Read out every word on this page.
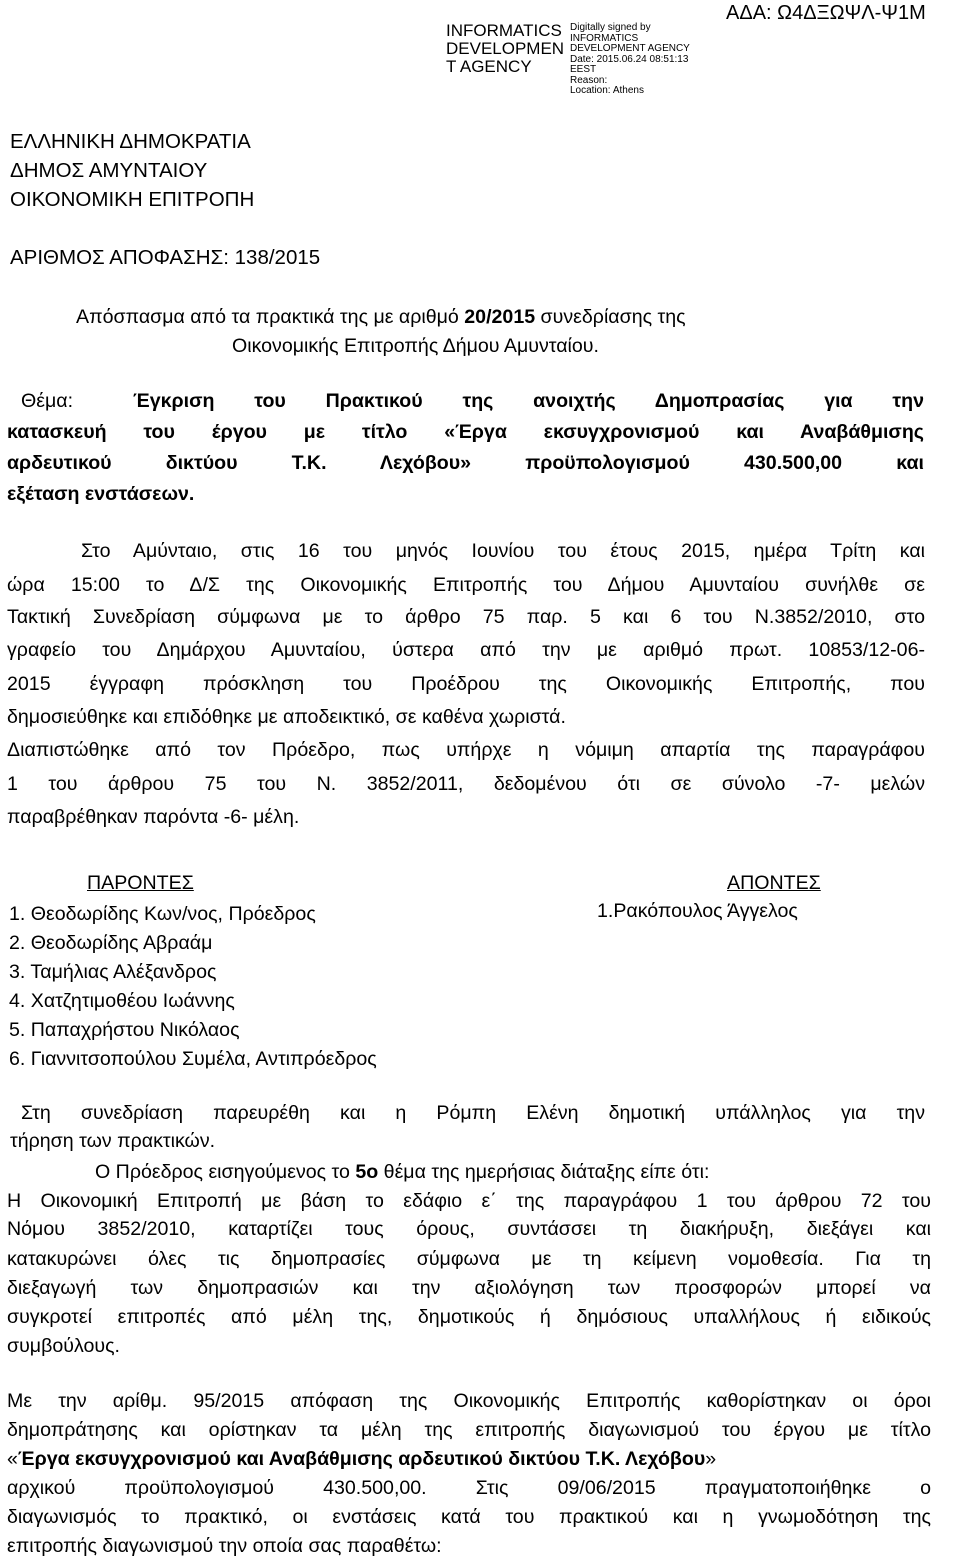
INFORMATICS
DEVELOPMEN
T AGENCY
Digitally signed by
INFORMATICS
DEVELOPMENT AGENCY
Date: 2015.06.24 08:51:13
EEST
Reason:
Location: Athens
ΑΔΑ: Ω4ΔΞΩΨΛ-Ψ1Μ
ΕΛΛΗΝΙΚΗ ΔΗΜΟΚΡΑΤΙΑ
ΔΗΜΟΣ ΑΜΥΝΤΑΙΟΥ
ΟΙΚΟΝΟΜΙΚΗ ΕΠΙΤΡΟΠΗ
ΑΡΙΘΜΟΣ ΑΠΟΦΑΣΗΣ: 138/2015
Απόσπασμα από τα πρακτικά της με αριθμό 20/2015 συνεδρίασης της
Οικονομικής Επιτροπής Δήμου Αμυνταίου.
Θέμα:	Έγκριση του Πρακτικού της ανοιχτής Δημοπρασίας για την
κατασκευή του έργου με τίτλο «Έργα εκσυγχρονισμού και Αναβάθμισης
αρδευτικού δικτύου Τ.Κ. Λεχόβου» προϋπολογισμού 430.500,00 και
εξέταση ενστάσεων.
Στο Αμύνταιο, στις 16 του μηνός Ιουνίου του έτους 2015, ημέρα Τρίτη και
ώρα 15:00 το Δ/Σ της Οικονομικής Επιτροπής του Δήμου Αμυνταίου συνήλθε σε
Τακτική Συνεδρίαση σύμφωνα με το άρθρο 75 παρ. 5 και 6 του Ν.3852/2010, στο
γραφείο του Δημάρχου Αμυνταίου, ύστερα από την με αριθμό πρωτ. 10853/12-06-
2015 έγγραφη πρόσκληση του Προέδρου της Οικονομικής Επιτροπής, που
δημοσιεύθηκε και επιδόθηκε με αποδεικτικό, σε καθένα χωριστά.
Διαπιστώθηκε από τον Πρόεδρο, πως υπήρχε η νόμιμη απαρτία της παραγράφου
1 του άρθρου 75 του Ν. 3852/2011, δεδομένου ότι σε σύνολο -7- μελών
παραβρέθηκαν παρόντα -6- μέλη.
ΠΑΡΟΝΤΕΣ	ΑΠΟΝΤΕΣ
1. Θεοδωρίδης Κων/νος, Πρόεδρος
2. Θεοδωρίδης Αβραάμ
3. Ταμήλιας Αλέξανδρος
4. Χατζητιμοθέου Ιωάννης
5. Παπαχρήστου Νικόλαος
6. Γιαννιτσοπούλου Συμέλα, Αντιπρόεδρος
1.Ρακόπουλος Άγγελος
Στη συνεδρίαση παρευρέθη και η Ρόμπη Ελένη δημοτική υπάλληλος για την
τήρηση των πρακτικών.
Ο Πρόεδρος εισηγούμενος το 5ο θέμα της ημερήσιας διάταξης είπε ότι:
Η Οικονομική Επιτροπή με βάση το εδάφιο ε΄ της παραγράφου 1 του άρθρου 72 του
Νόμου 3852/2010, καταρτίζει τους όρους, συντάσσει τη διακήρυξη, διεξάγει και
κατακυρώνει όλες τις δημοπρασίες σύμφωνα με τη κείμενη νομοθεσία. Για τη
διεξαγωγή των δημοπρασιών και την αξιολόγηση των προσφορών μπορεί να
συγκροτεί επιτροπές από μέλη της, δημοτικούς ή δημόσιους υπαλλήλους ή ειδικούς
συμβούλους.
Με την αρίθμ. 95/2015 απόφαση της Οικονομικής Επιτροπής καθορίστηκαν οι όροι
δημοπράτησης και ορίστηκαν τα μέλη της επιτροπής διαγωνισμού του έργου με τίτλο
«Έργα εκσυγχρονισμού και Αναβάθμισης αρδευτικού δικτύου Τ.Κ. Λεχόβου»
αρχικού προϋπολογισμού 430.500,00. Στις 09/06/2015 πραγματοποιήθηκε ο
διαγωνισμός το πρακτικό, οι ενστάσεις κατά του πρακτικού και η γνωμοδότηση της
επιτροπής διαγωνισμού την οποία σας παραθέτω:
